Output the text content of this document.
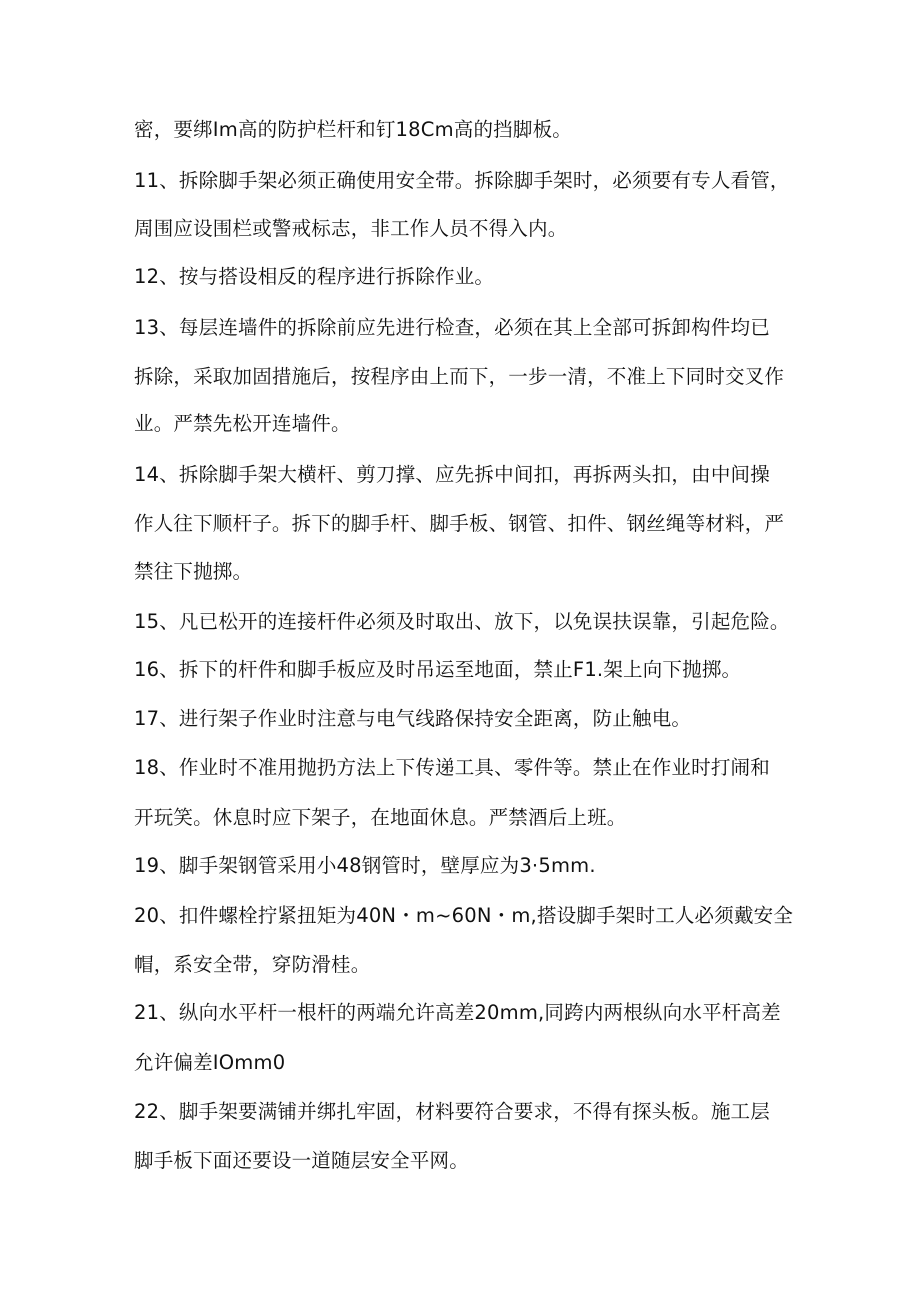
密，要绑Im高的防护栏杆和钉18Cm高的挡脚板。
11、拆除脚手架必须正确使用安全带。拆除脚手架时，必须要有专人看管，
周围应设围栏或警戒标志，非工作人员不得入内。
12、按与搭设相反的程序进行拆除作业。
13、每层连墙件的拆除前应先进行检查，必须在其上全部可拆卸构件均已
拆除，采取加固措施后，按程序由上而下，一步一清，不准上下同时交叉作
业。严禁先松开连墙件。
14、拆除脚手架大横杆、剪刀撑、应先拆中间扣，再拆两头扣，由中间操
作人往下顺杆子。拆下的脚手杆、脚手板、钢管、扣件、钢丝绳等材料，严
禁往下抛掷。
15、凡已松开的连接杆件必须及时取出、放下，以免误扶误靠，引起危险。
16、拆下的杆件和脚手板应及时吊运至地面，禁止F1.架上向下抛掷。
17、进行架子作业时注意与电气线路保持安全距离，防止触电。
18、作业时不准用抛扔方法上下传递工具、零件等。禁止在作业时打闹和
开玩笑。休息时应下架子，在地面休息。严禁酒后上班。
19、脚手架钢管采用小48钢管时，壁厚应为3·5mm.
20、扣件螺栓拧紧扭矩为40N・m~60N・m,搭设脚手架时工人必须戴安全
帽，系安全带，穿防滑桂。
21、纵向水平杆一根杆的两端允许高差20mm,同跨内两根纵向水平杆高差
允许偏差IOmm0
22、脚手架要满铺并绑扎牢固，材料要符合要求，不得有探头板。施工层
脚手板下面还要设一道随层安全平网。
